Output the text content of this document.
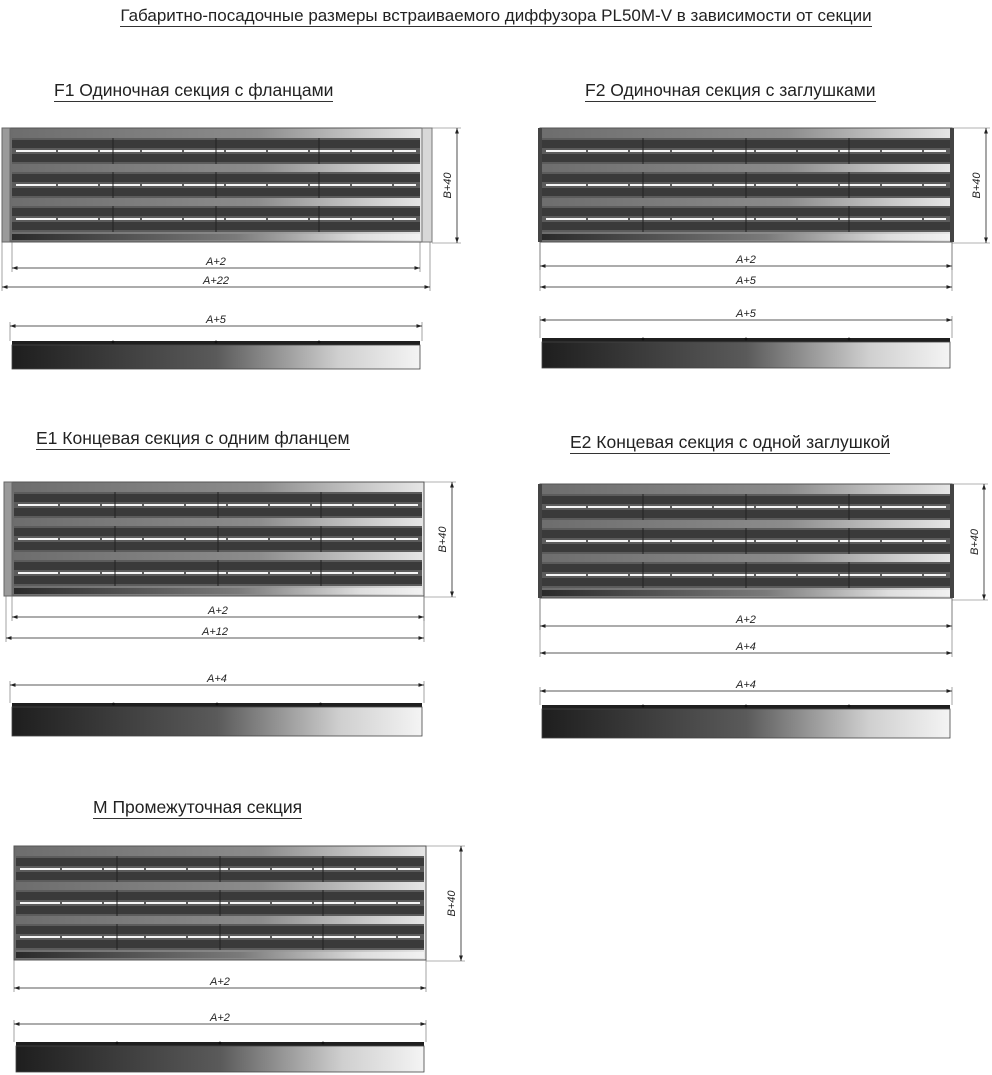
Габаритно-посадочные размеры встраиваемого диффузора PL50M-V в зависимости от секции
F1 Одиночная секция с фланцами	F2 Одиночная секция с заглушками
E1 Концевая секция с одним фланцем	E2 Концевая секция с одной заглушкой
M Промежуточная секция
B+40
A+2
A+22
A+5
B+40
A+2
A+5
A+5
B+40
A+2
A+12
A+4
B+40
A+2
A+4
A+4
B+40
A+2
A+2
